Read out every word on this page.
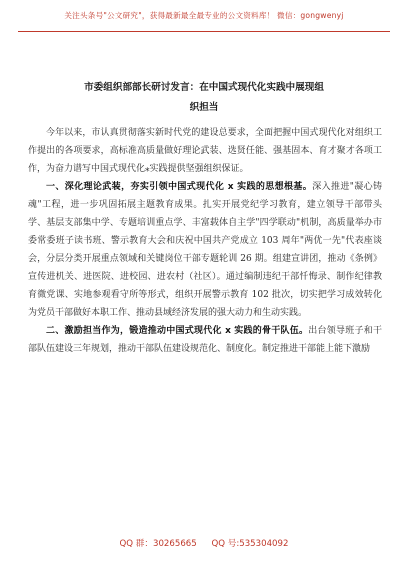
关注头条号"公文研究"，获得最新最全最专业的公文资料库！ 微信：gongwenyj
市委组织部部长研讨发言：在中国式现代化实践中展现组
织担当

今年以来，市认真贯彻落实新时代党的建设总要求，全面把握中国式现代化对组织工作提出的各项要求，高标准高质量做好理论武装、选贤任能、强基固本、育才聚才各项工作，为奋力谱写中国式现代化⁎实践提供坚强组织保证。

一、深化理论武装，夯实引领中国式现代化 x 实践的思想根基。深入推进"凝心铸魂"工程，进一步巩固拓展主题教育成果。扎实开展党纪学习教育，建立领导干部带头学、基层支部集中学、专题培训重点学、丰富载体自主学"四学联动"机制，高质量举办市委常委班子读书班、警示教育大会和庆祝中国共产党成立 103 周年"两优一先"代表座谈会，分层分类开展重点领域和关键岗位干部专题轮训 26 期。组建宣讲团，推动《条例》宣传进机关、进医院、进校园、进农村（社区）。通过编制违纪干部忏悔录、制作纪律教育微党课、实地参观看守所等形式，组织开展警示教育 102 批次，切实把学习成效转化为党员干部做好本职工作、推动县域经济发展的强大动力和生动实践。

二、激励担当作为，锻造推动中国式现代化 x 实践的骨干队伍。出台领导班子和干部队伍建设三年规划，推动干部队伍建设规范化、制度化。制定推进干部能上能下激励

QQ 群：30265665 QQ 号:535304092
